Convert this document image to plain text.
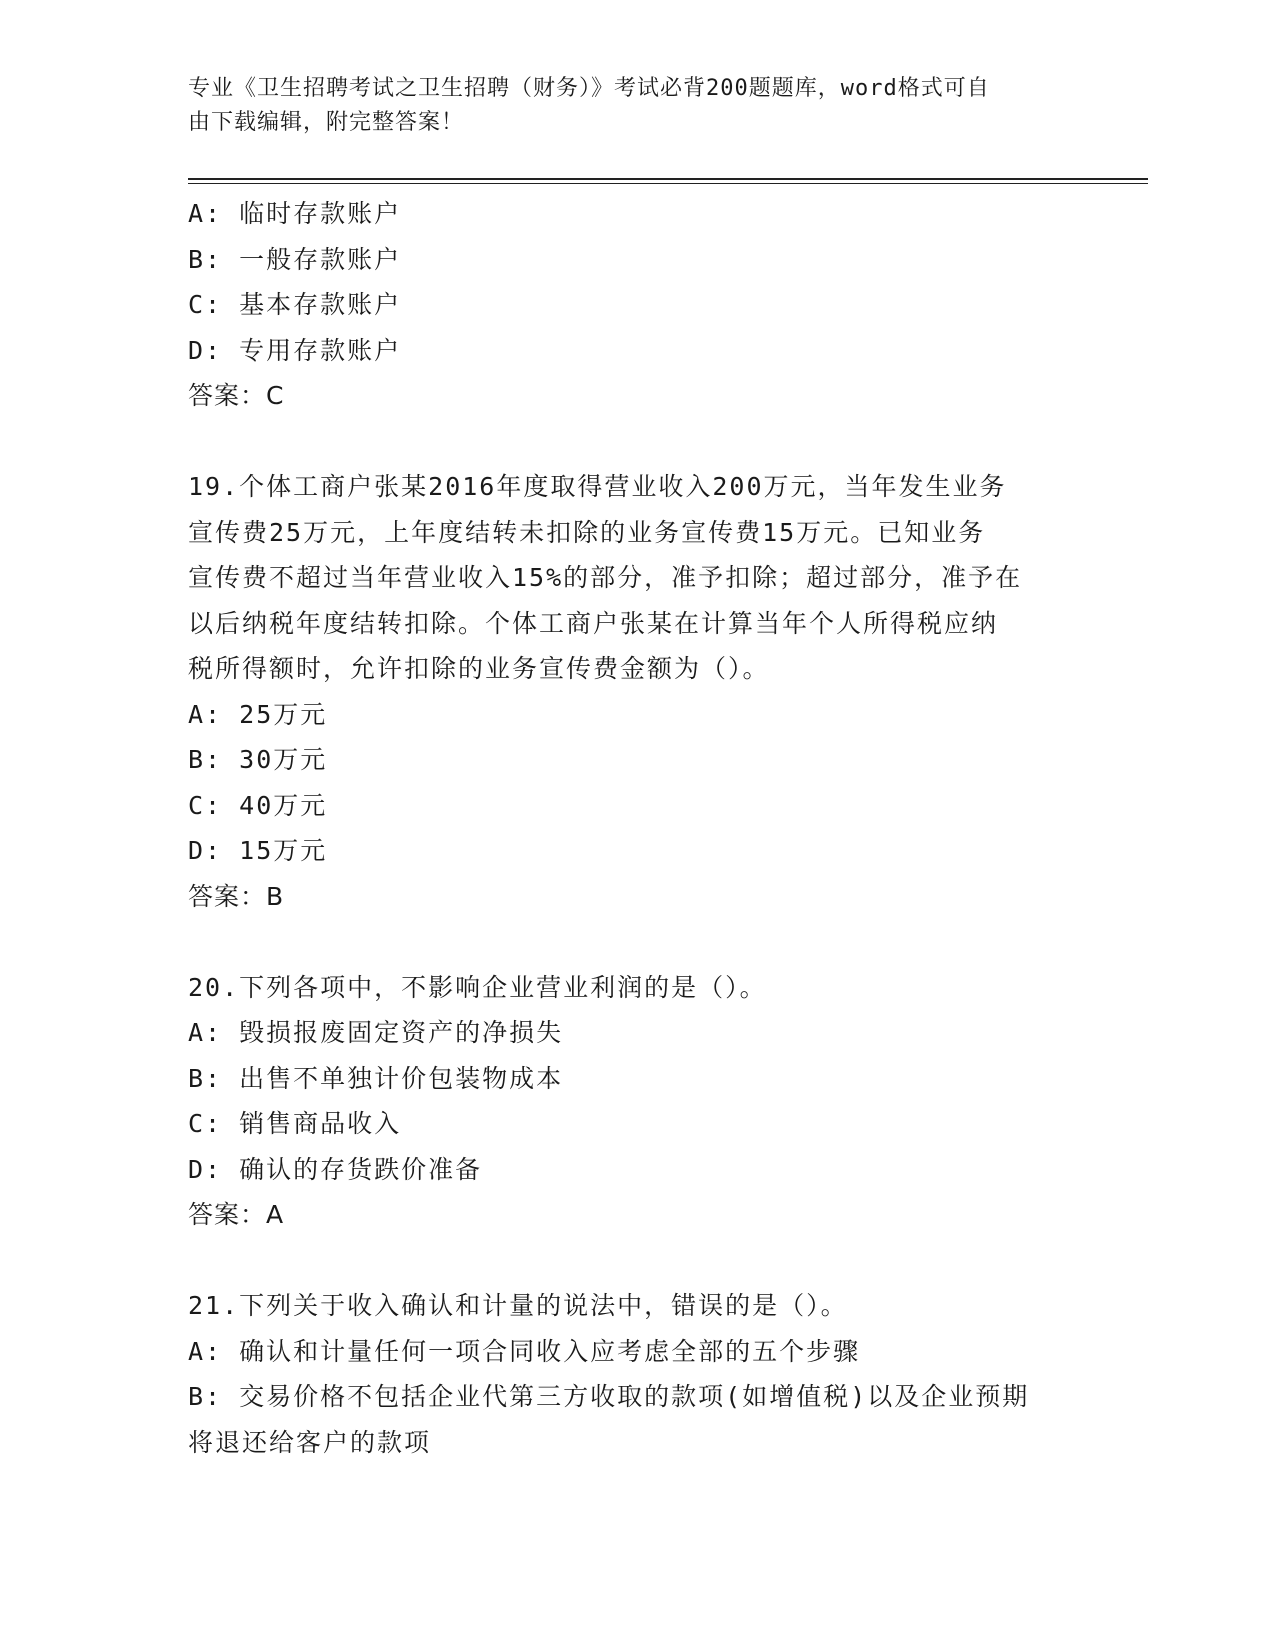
专业《卫生招聘考试之卫生招聘（财务）》考试必背200题题库，word格式可自
由下载编辑，附完整答案！
A: 临时存款账户
B: 一般存款账户
C: 基本存款账户
D: 专用存款账户
答案：C
19.个体工商户张某2016年度取得营业收入200万元，当年发生业务
宣传费25万元，上年度结转未扣除的业务宣传费15万元。已知业务
宣传费不超过当年营业收入15%的部分，准予扣除；超过部分，准予在
以后纳税年度结转扣除。个体工商户张某在计算当年个人所得税应纳
税所得额时，允许扣除的业务宣传费金额为（）。
A: 25万元
B: 30万元
C: 40万元
D: 15万元
答案：B
20.下列各项中，不影响企业营业利润的是（）。
A: 毁损报废固定资产的净损失
B: 出售不单独计价包装物成本
C: 销售商品收入
D: 确认的存货跌价准备
答案：A
21.下列关于收入确认和计量的说法中，错误的是（）。
A: 确认和计量任何一项合同收入应考虑全部的五个步骤
B: 交易价格不包括企业代第三方收取的款项(如增值税)以及企业预期
将退还给客户的款项
